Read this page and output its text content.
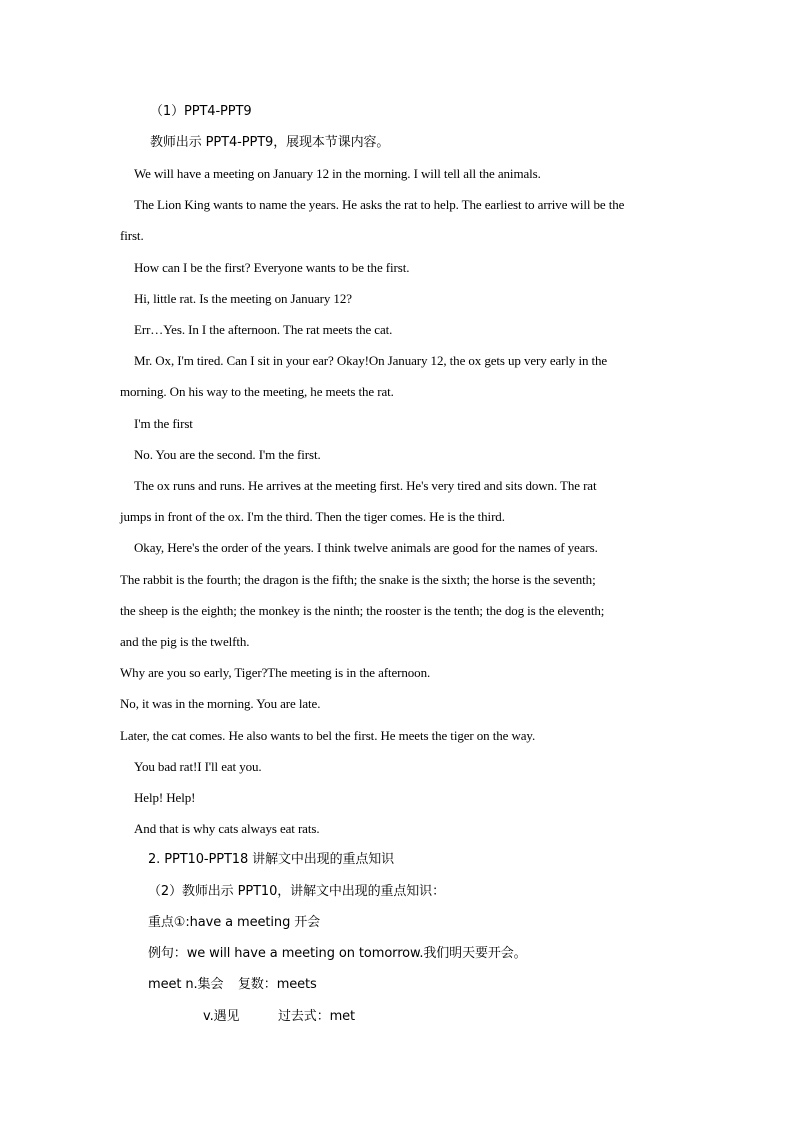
（1）PPT4-PPT9
教师出示 PPT4-PPT9，展现本节课内容。
We will have a meeting on January 12 in the morning. I will tell all the animals.
The Lion King wants to name the years. He asks the rat to help. The earliest to arrive will be the
first.
How can I be the first? Everyone wants to be the first.
Hi, little rat. Is the meeting on January 12?
Err…Yes. In I the afternoon. The rat meets the cat.
Mr. Ox, I'm tired. Can I sit in your ear? Okay!On January 12, the ox gets up very early in the
morning. On his way to the meeting, he meets the rat.
I'm the first
No. You are the second. I'm the first.
The ox runs and runs. He arrives at the meeting first. He's very tired and sits down. The rat
jumps in front of the ox. I'm the third. Then the tiger comes. He is the third.
Okay, Here's the order of the years. I think twelve animals are good for the names of years.
The rabbit is the fourth; the dragon is the fifth; the snake is the sixth; the horse is the seventh;
the sheep is the eighth; the monkey is the ninth; the rooster is the tenth; the dog is the eleventh;
and the pig is the twelfth.
Why are you so early, Tiger?The meeting is in the afternoon.
No, it was in the morning. You are late.
Later, the cat comes. He also wants to bel the first. He meets the tiger on the way.
You bad rat!I I'll eat you.
Help! Help!
And that is why cats always eat rats.
2. PPT10-PPT18 讲解文中出现的重点知识
（2）教师出示 PPT10，讲解文中出现的重点知识：
重点①:have a meeting 开会
例句：we will have a meeting on tomorrow.我们明天要开会。
meet n.集会 复数：meets
v.遇见	过去式：met
